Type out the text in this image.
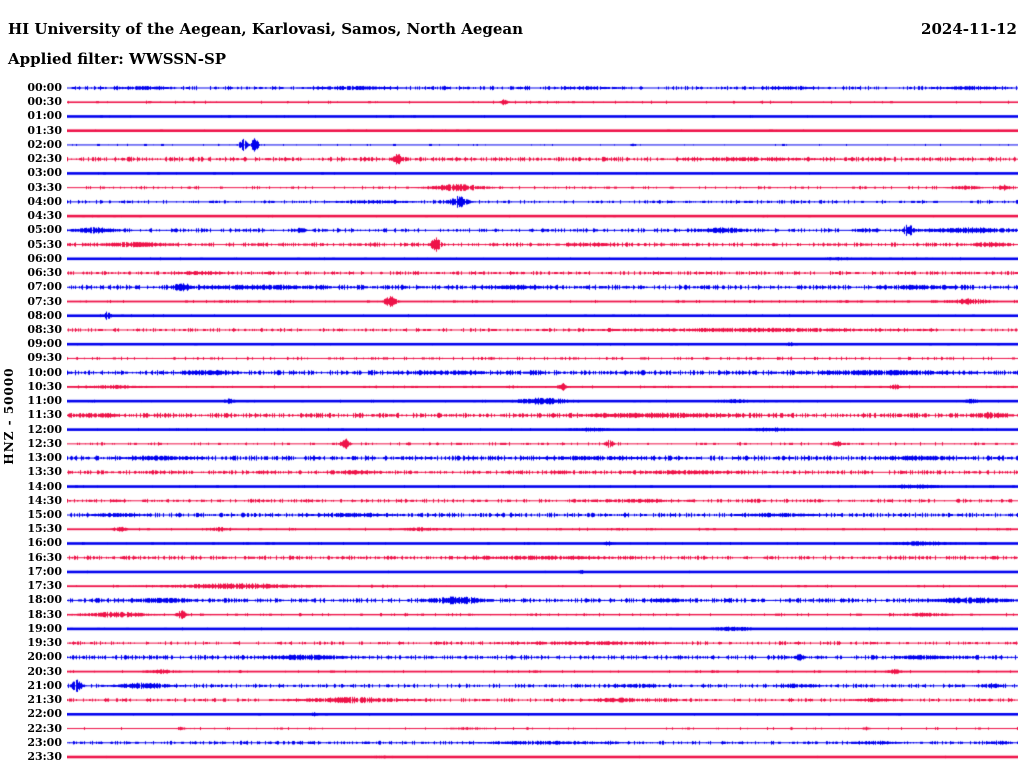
HI University of the Aegean, Karlovasi, Samos, North Aegean	2024-11-12
Applied filter: WWSSN-SP
HNZ - 50000
00:00
00:30
01:00
01:30
02:00
02:30
03:00
03:30
04:00
04:30
05:00
05:30
06:00
06:30
07:00
07:30
08:00
08:30
09:00
09:30
10:00
10:30
11:00
11:30
12:00
12:30
13:00
13:30
14:00
14:30
15:00
15:30
16:00
16:30
17:00
17:30
18:00
18:30
19:00
19:30
20:00
20:30
21:00
21:30
22:00
22:30
23:00
23:30
